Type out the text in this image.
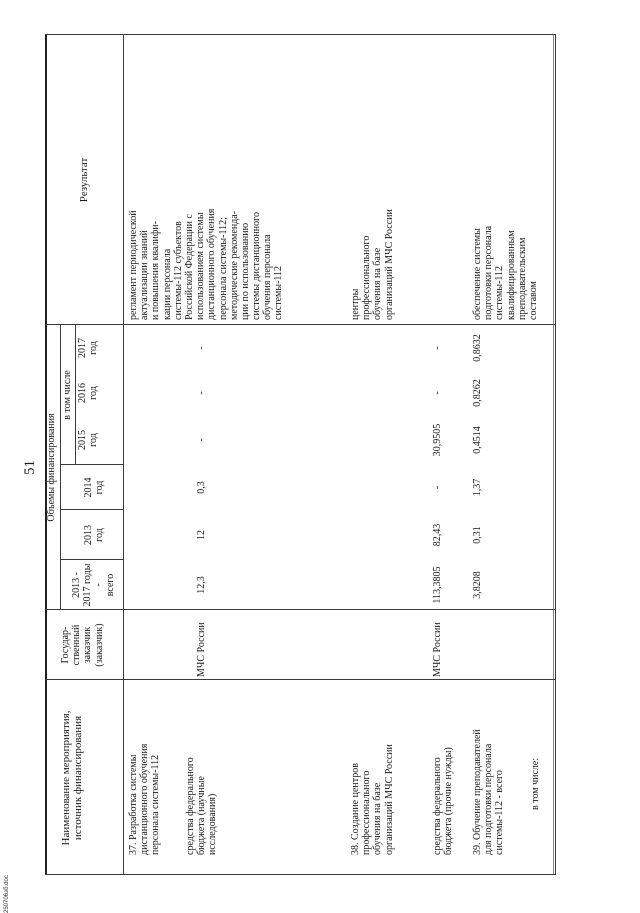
51
Наименование мероприятия,
источник финансирования
Государ-
ственный
заказчик
(заказчик)
Объемы финансирования
2013 -
2017 годы -
всего
2013
год
в том числе
2014
год
2015
год
2016
год
2017
год
Результат
37. Разработка системы
дистанционного обучения
персонала системы-112
средства федерального
бюджета (научные
исследования)
МЧС России
12,3
12
0,3
-
-
-
регламент периодической
актуализации знаний
и повышения квалифи-
кации персонала
системы-112 субъектов
Российской Федерации с
использованием системы
дистанционного обучения
персонала системы-112;
методические рекоменда-
ции по использованию
системы дистанционного
обучения персонала
системы-112
38. Создание центров
профессионального
обучения на базе
организаций МЧС России
средства федерального
бюджета (прочие нужды)
МЧС России
113,3805
82,43
-
30,9505
-
-
центры
профессионального
обучения на базе
организаций МЧС России
39. Обучение преподавателей
для подготовки персонала
системы-112 - всего в том числе:
3,8208
0,31
1,37
0,4514
0,8262
0,8632
обеспечение системы
подготовки персонала
системы-112
квалифицированным
преподавательским
составом
250706эб.doc
